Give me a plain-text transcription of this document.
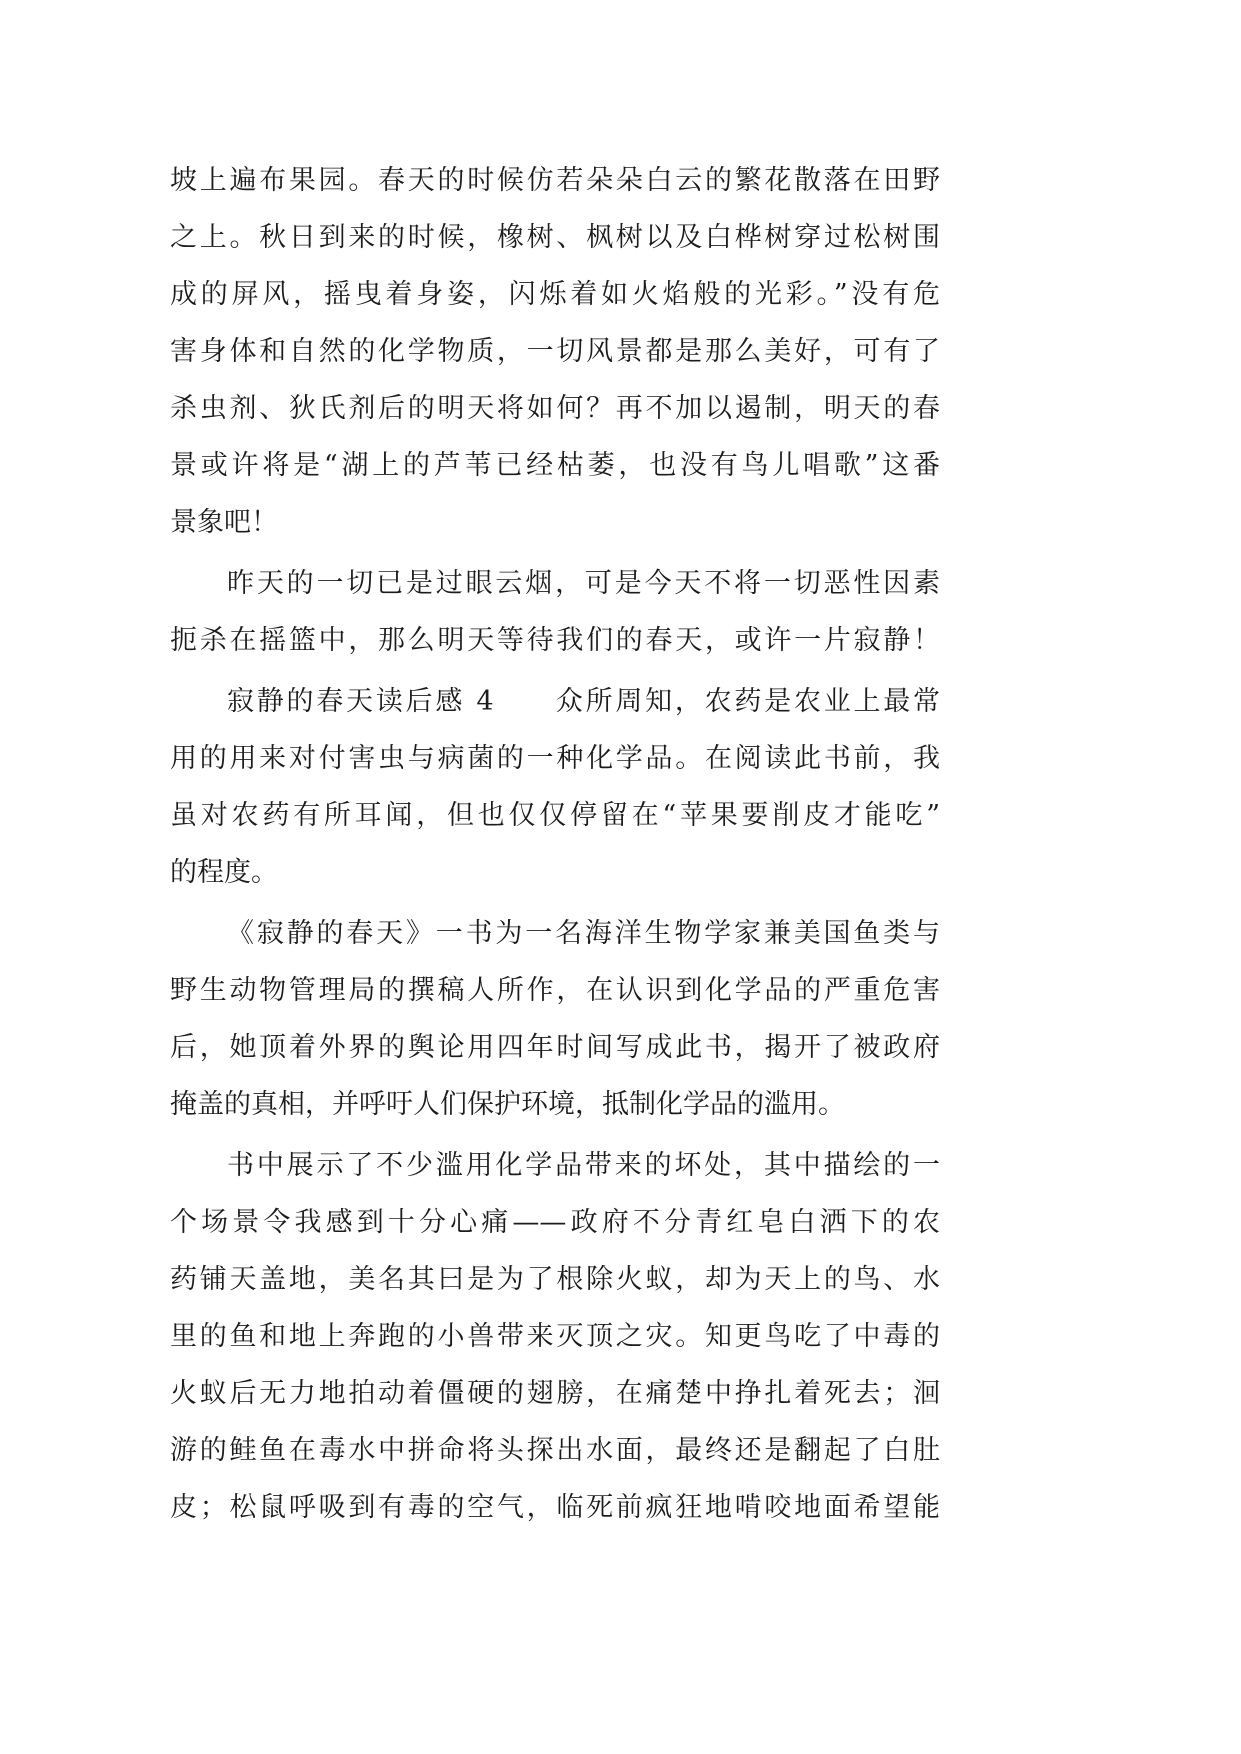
坡上遍布果园。春天的时候仿若朵朵白云的繁花散落在田野
之上。秋日到来的时候，橡树、枫树以及白桦树穿过松树围
成的屏风，摇曳着身姿，闪烁着如火焰般的光彩。”没有危
害身体和自然的化学物质，一切风景都是那么美好，可有了
杀虫剂、狄氏剂后的明天将如何？再不加以遏制，明天的春
景或许将是“湖上的芦苇已经枯萎，也没有鸟儿唱歌”这番
景象吧！
昨天的一切已是过眼云烟，可是今天不将一切恶性因素
扼杀在摇篮中，那么明天等待我们的春天，或许一片寂静！
寂静的春天读后感 4　　众所周知，农药是农业上最常
用的用来对付害虫与病菌的一种化学品。在阅读此书前，我
虽对农药有所耳闻，但也仅仅停留在“苹果要削皮才能吃”
的程度。
《寂静的春天》一书为一名海洋生物学家兼美国鱼类与
野生动物管理局的撰稿人所作，在认识到化学品的严重危害
后，她顶着外界的舆论用四年时间写成此书，揭开了被政府
掩盖的真相，并呼吁人们保护环境，抵制化学品的滥用。
书中展示了不少滥用化学品带来的坏处，其中描绘的一
个场景令我感到十分心痛——政府不分青红皂白洒下的农
药铺天盖地，美名其曰是为了根除火蚁，却为天上的鸟、水
里的鱼和地上奔跑的小兽带来灭顶之灾。知更鸟吃了中毒的
火蚁后无力地拍动着僵硬的翅膀，在痛楚中挣扎着死去；洄
游的鲑鱼在毒水中拼命将头探出水面，最终还是翻起了白肚
皮；松鼠呼吸到有毒的空气，临死前疯狂地啃咬地面希望能
